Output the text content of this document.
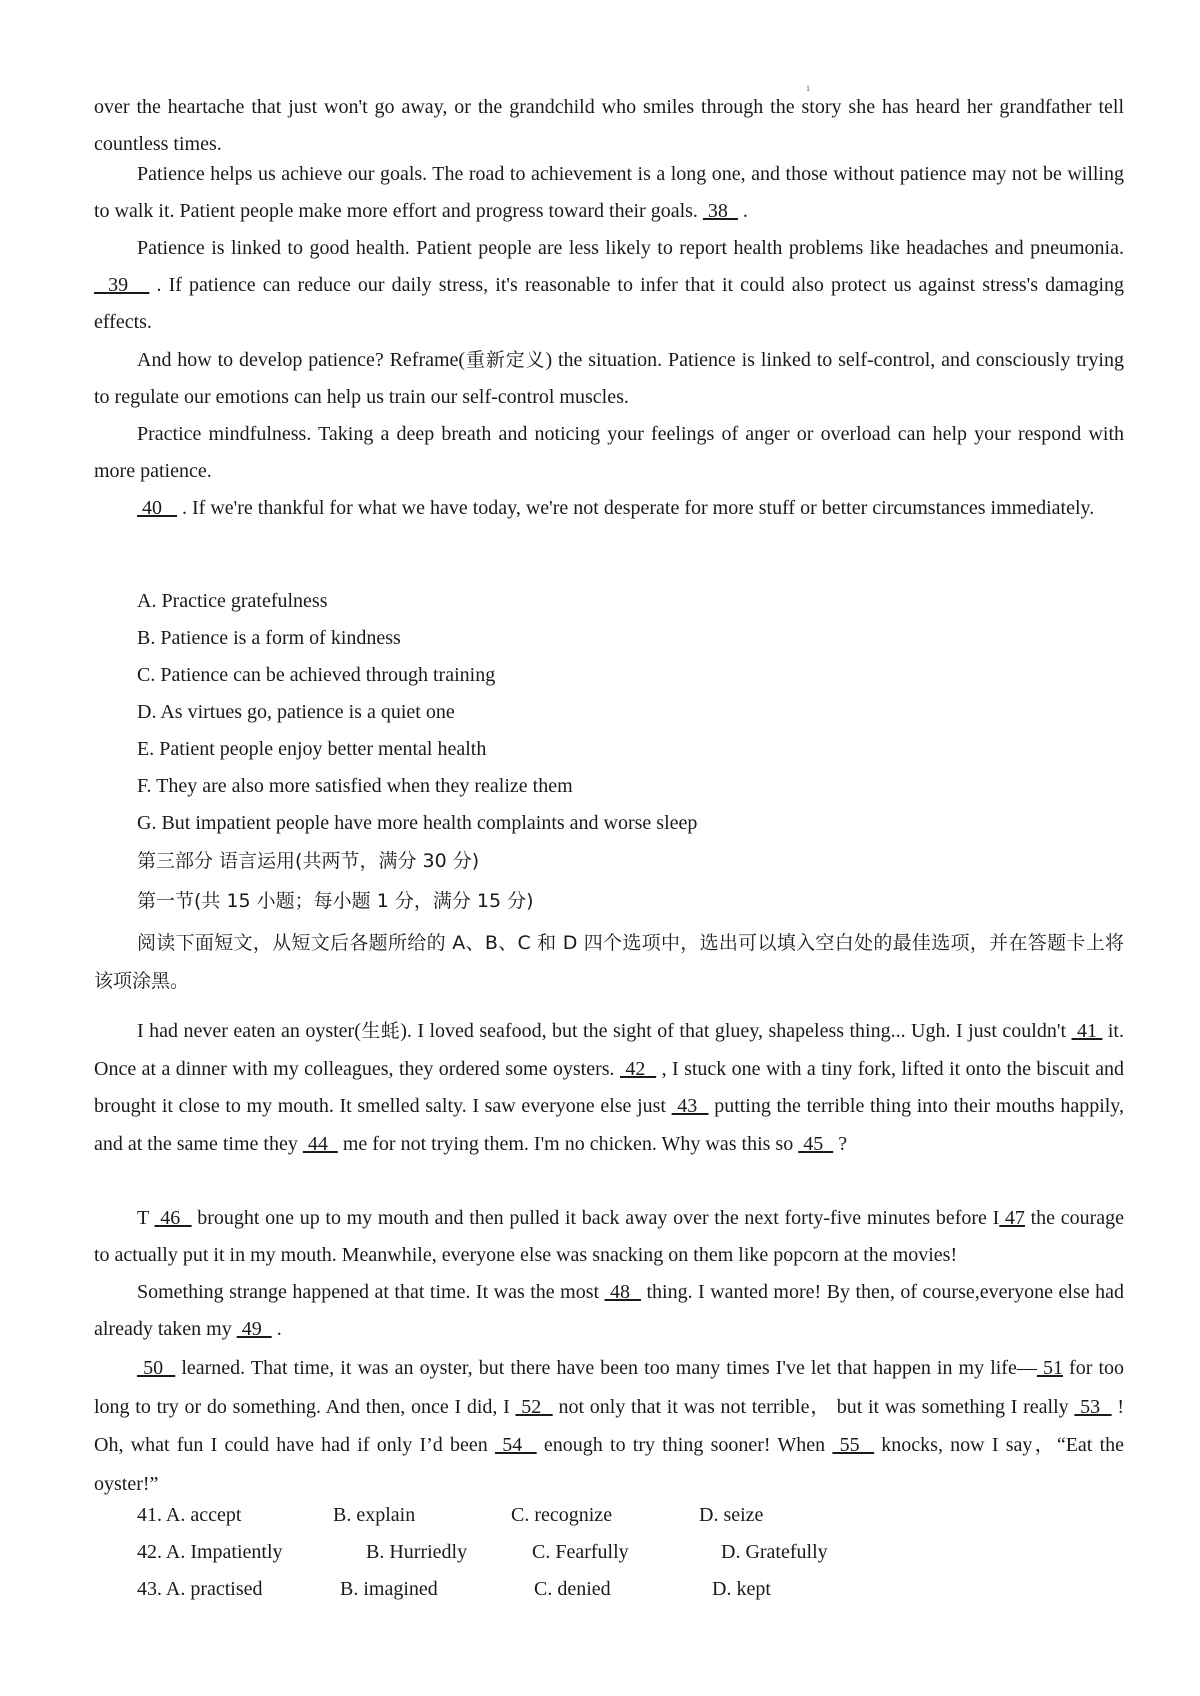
1
over the heartache that just won't go away, or the grandchild who smiles through the story she has heard her grandfather tell countless times.
Patience helps us achieve our goals. The road to achievement is a long one, and those without patience may not be willing to walk it. Patient people make more effort and progress toward their goals.  38   .
Patience is linked to good health. Patient people are less likely to report health problems like headaches and pneumonia.   39    . If patience can reduce our daily stress, it's reasonable to infer that it could also protect us against stress's damaging effects.
And how to develop patience? Reframe(重新定义) the situation. Patience is linked to self-control, and consciously trying to regulate our emotions can help us train our self-control muscles.
Practice mindfulness. Taking a deep breath and noticing your feelings of anger or overload can help your respond with more patience.
40    . If we're thankful for what we have today, we're not desperate for more stuff or better circumstances immediately.
A. Practice gratefulness
B. Patience is a form of kindness
C. Patience can be achieved through training
D. As virtues go, patience is a quiet one
E. Patient people enjoy better mental health
F. They are also more satisfied when they realize them
G. But impatient people have more health complaints and worse sleep
第三部分 语言运用(共两节，满分 30 分)
第一节(共 15 小题；每小题 1 分，满分 15 分)
阅读下面短文，从短文后各题所给的 A、B、C 和 D 四个选项中，选出可以填入空白处的最佳选项，并在答题卡上将该项涂黑。
I had never eaten an oyster(生蚝). I loved seafood, but the sight of that gluey, shapeless thing... Ugh. I just couldn't  41  it. Once at a dinner with my colleagues, they ordered some oysters.  42   , I stuck one with a tiny fork, lifted it onto the biscuit and brought it close to my mouth. It smelled salty. I saw everyone else just  43   putting the terrible thing into their mouths happily, and at the same time they  44   me for not trying them. I'm no chicken. Why was this so  45   ?
T  46   brought one up to my mouth and then pulled it back away over the next forty-five minutes before I 47 the courage to actually put it in my mouth. Meanwhile, everyone else was snacking on them like popcorn at the movies!
Something strange happened at that time. It was the most  48   thing. I wanted more! By then, of course,everyone else had already taken my  49   .
50   learned. That time, it was an oyster, but there have been too many times I've let that happen in my life— 51 for too long to try or do something. And then, once I did, I  52   not only that it was not terrible， but it was something I really  53   ! Oh, what fun I could have had if only I’d been  54   enough to try thing sooner! When  55   knocks, now I say，“Eat the oyster!”
41. A. accept	B. explain	C. recognize	D. seize
42. A. Impatiently	B. Hurriedly	C. Fearfully	D. Gratefully
43. A. practised	B. imagined	C. denied	D. kept
